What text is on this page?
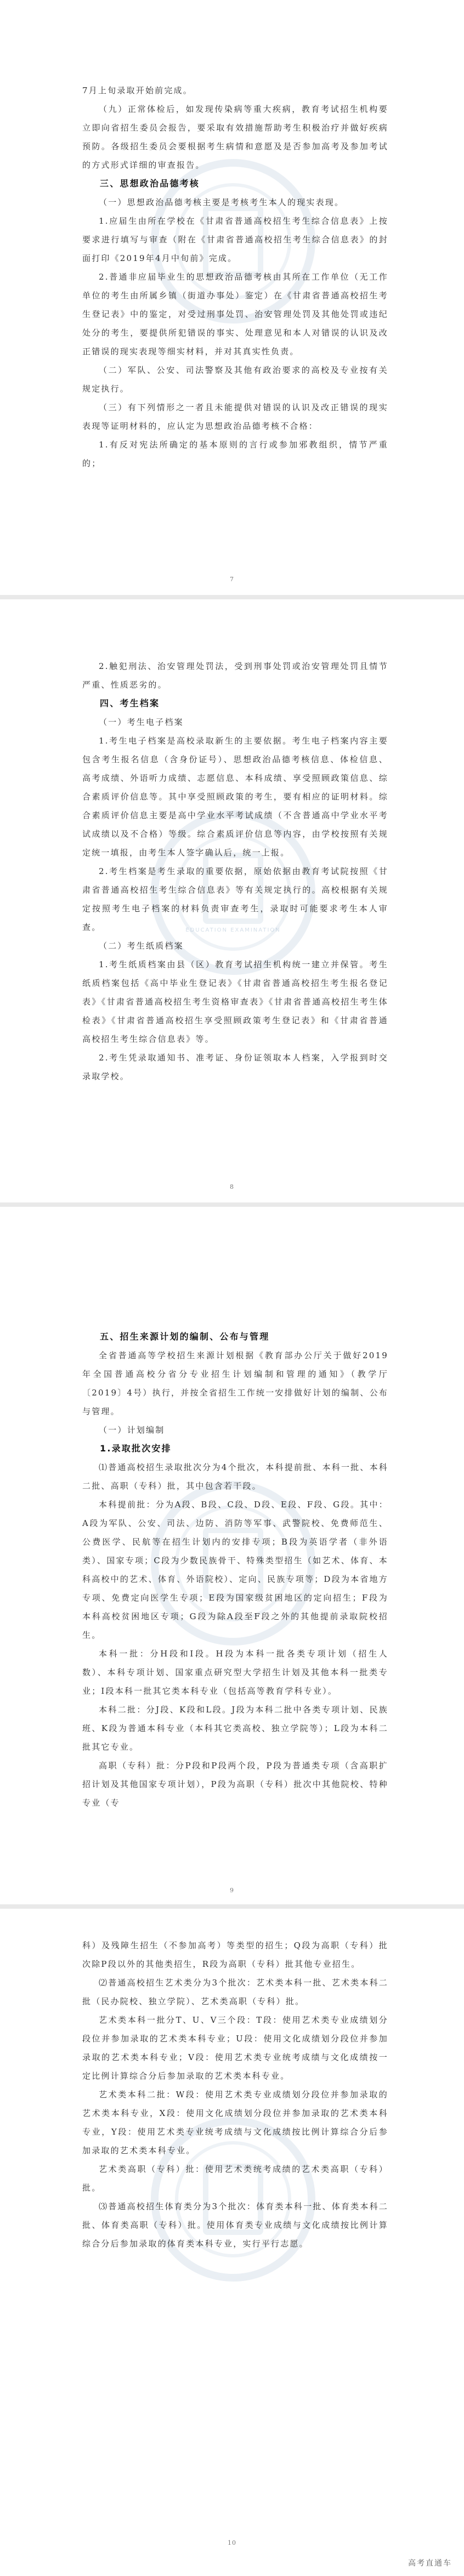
7月上旬录取开始前完成。

（九）正常体检后，如发现传染病等重大疾病，教育考试招生机构要立即向省招生委员会报告，要采取有效措施帮助考生积极治疗并做好疾病预防。各级招生委员会要根据考生病情和意愿及是否参加高考及参加考试的方式形式详细的审查报告。

三、思想政治品德考核

（一）思想政治品德考核主要是考核考生本人的现实表现。

1.应届生由所在学校在《甘肃省普通高校招生考生综合信息表》上按要求进行填写与审查（附在《甘肃省普通高校招生考生综合信息表》的封面打印《2019年4月中旬前》完成。

2.普通非应届毕业生的思想政治品德考核由其所在工作单位（无工作单位的考生由所属乡镇（街道办事处）鉴定）在《甘肃省普通高校招生考生登记表》中的鉴定，对受过刑事处罚、治安管理处罚及其他处罚或违纪处分的考生，要提供所犯错误的事实、处理意见和本人对错误的认识及改正错误的现实表现等细实材料，并对其真实性负责。

（二）军队、公安、司法警察及其他有政治要求的高校及专业按有关规定执行。

（三）有下列情形之一者且未能提供对错误的认识及改正错误的现实表现等证明材料的，应认定为思想政治品德考核不合格：

1.有反对宪法所确定的基本原则的言行或参加邪教组织，情节严重的；

7
EDUCATION EXAMINATION

2.触犯刑法、治安管理处罚法，受到刑事处罚或治安管理处罚且情节严重、性质恶劣的。

四、考生档案

（一）考生电子档案

1.考生电子档案是高校录取新生的主要依据。考生电子档案内容主要包含考生报名信息（含身份证号）、思想政治品德考核信息、体检信息、高考成绩、外语听力成绩、志愿信息、本科成绩、享受照顾政策信息、综合素质评价信息等。其中享受照顾政策的考生，要有相应的证明材料。综合素质评价信息主要是高中学业水平考试成绩（不含普通高中学业水平考试成绩以及不合格）等级。综合素质评价信息等内容，由学校按照有关规定统一填报，由考生本人签字确认后，统一上报。

2.考生档案是考生录取的重要依据，原始依据由教育考试院按照《甘肃省普通高校招生考生综合信息表》等有关规定执行的。高校根据有关规定按照考生电子档案的材料负责审查考生，录取时可能要求考生本人审查。

（二）考生纸质档案

1.考生纸质档案由县（区）教育考试招生机构统一建立并保管。考生纸质档案包括《高中毕业生登记表》《甘肃省普通高校招生考生报名登记表》《甘肃省普通高校招生考生资格审查表》《甘肃省普通高校招生考生体检表》《甘肃省普通高校招生享受照顾政策考生登记表》和《甘肃省普通高校招生考生综合信息表》等。

2.考生凭录取通知书、准考证、身份证领取本人档案，入学报到时交录取学校。

8

五、招生来源计划的编制、公布与管理

全省普通高等学校招生来源计划根据《教育部办公厅关于做好2019年全国普通高校分省分专业招生计划编制和管理的通知》（教学厅〔2019〕4号）执行，并按全省招生工作统一安排做好计划的编制、公布与管理。

（一）计划编制

1.录取批次安排

⑴普通高校招生录取批次分为4个批次，本科提前批、本科一批、本科二批、高职（专科）批，其中包含若干段。

本科提前批：分为A段、B段、C段、D段、E段、F段、G段。其中：A段为军队、公安、司法、边防、消防等军事、武警院校、免费师范生、公费医学、民航等在招生计划内的安排专项；B段为英语学者（非外语类）、国家专项；C段为少数民族骨干、特殊类型招生（如艺术、体育、本科高校中的艺术、体育、外语院校）、定向、民族专项等；D段为本省地方专项、免费定向医学生专项；E段为国家级贫困地区的定向招生；F段为本科高校贫困地区专项；G段为除A段至F段之外的其他提前录取院校招生。

本科一批：分H段和I段。H段为本科一批各类专项计划（招生人数）、本科专项计划、国家重点研究型大学招生计划及其他本科一批类专业；I段本科一批其它类本科专业（包括高等教育学科专业）。

本科二批：分J段、K段和L段。J段为本科二批中各类专项计划、民族班、K段为普通本科专业（本科其它类高校、独立学院等）；L段为本科二批其它专业。

高职（专科）批：分P段和P段两个段，P段为普通类专项（含高职扩招计划及其他国家专项计划），P段为高职（专科）批次中其他院校、特种专业（专

9

科）及残障生招生（不参加高考）等类型的招生；Q段为高职（专科）批次除P段以外的其他类招生，R段为高职（专科）批其他专业招生。

⑵普通高校招生艺术类分为3个批次：艺术类本科一批、艺术类本科二批（民办院校、独立学院）、艺术类高职（专科）批。

艺术类本科一批分T、U、V三个段：T段：使用艺术类专业成绩划分段位并参加录取的艺术类本科专业；U段：使用文化成绩划分段位并参加录取的艺术类本科专业；V段：使用艺术类专业统考成绩与文化成绩按一定比例计算综合分后参加录取的艺术类本科专业。

艺术类本科二批：W段：使用艺术类专业成绩划分段位并参加录取的艺术类本科专业，X段：使用文化成绩划分段位并参加录取的艺术类本科专业，Y段：使用艺术类专业统考成绩与文化成绩按比例计算综合分后参加录取的艺术类本科专业。

艺术类高职（专科）批：使用艺术类统考成绩的艺术类高职（专科）批。

⑶普通高校招生体育类分为3个批次：体育类本科一批、体育类本科二批、体育类高职（专科）批。使用体育类专业成绩与文化成绩按比例计算综合分后参加录取的体育类本科专业，实行平行志愿。

10
高考直通车
